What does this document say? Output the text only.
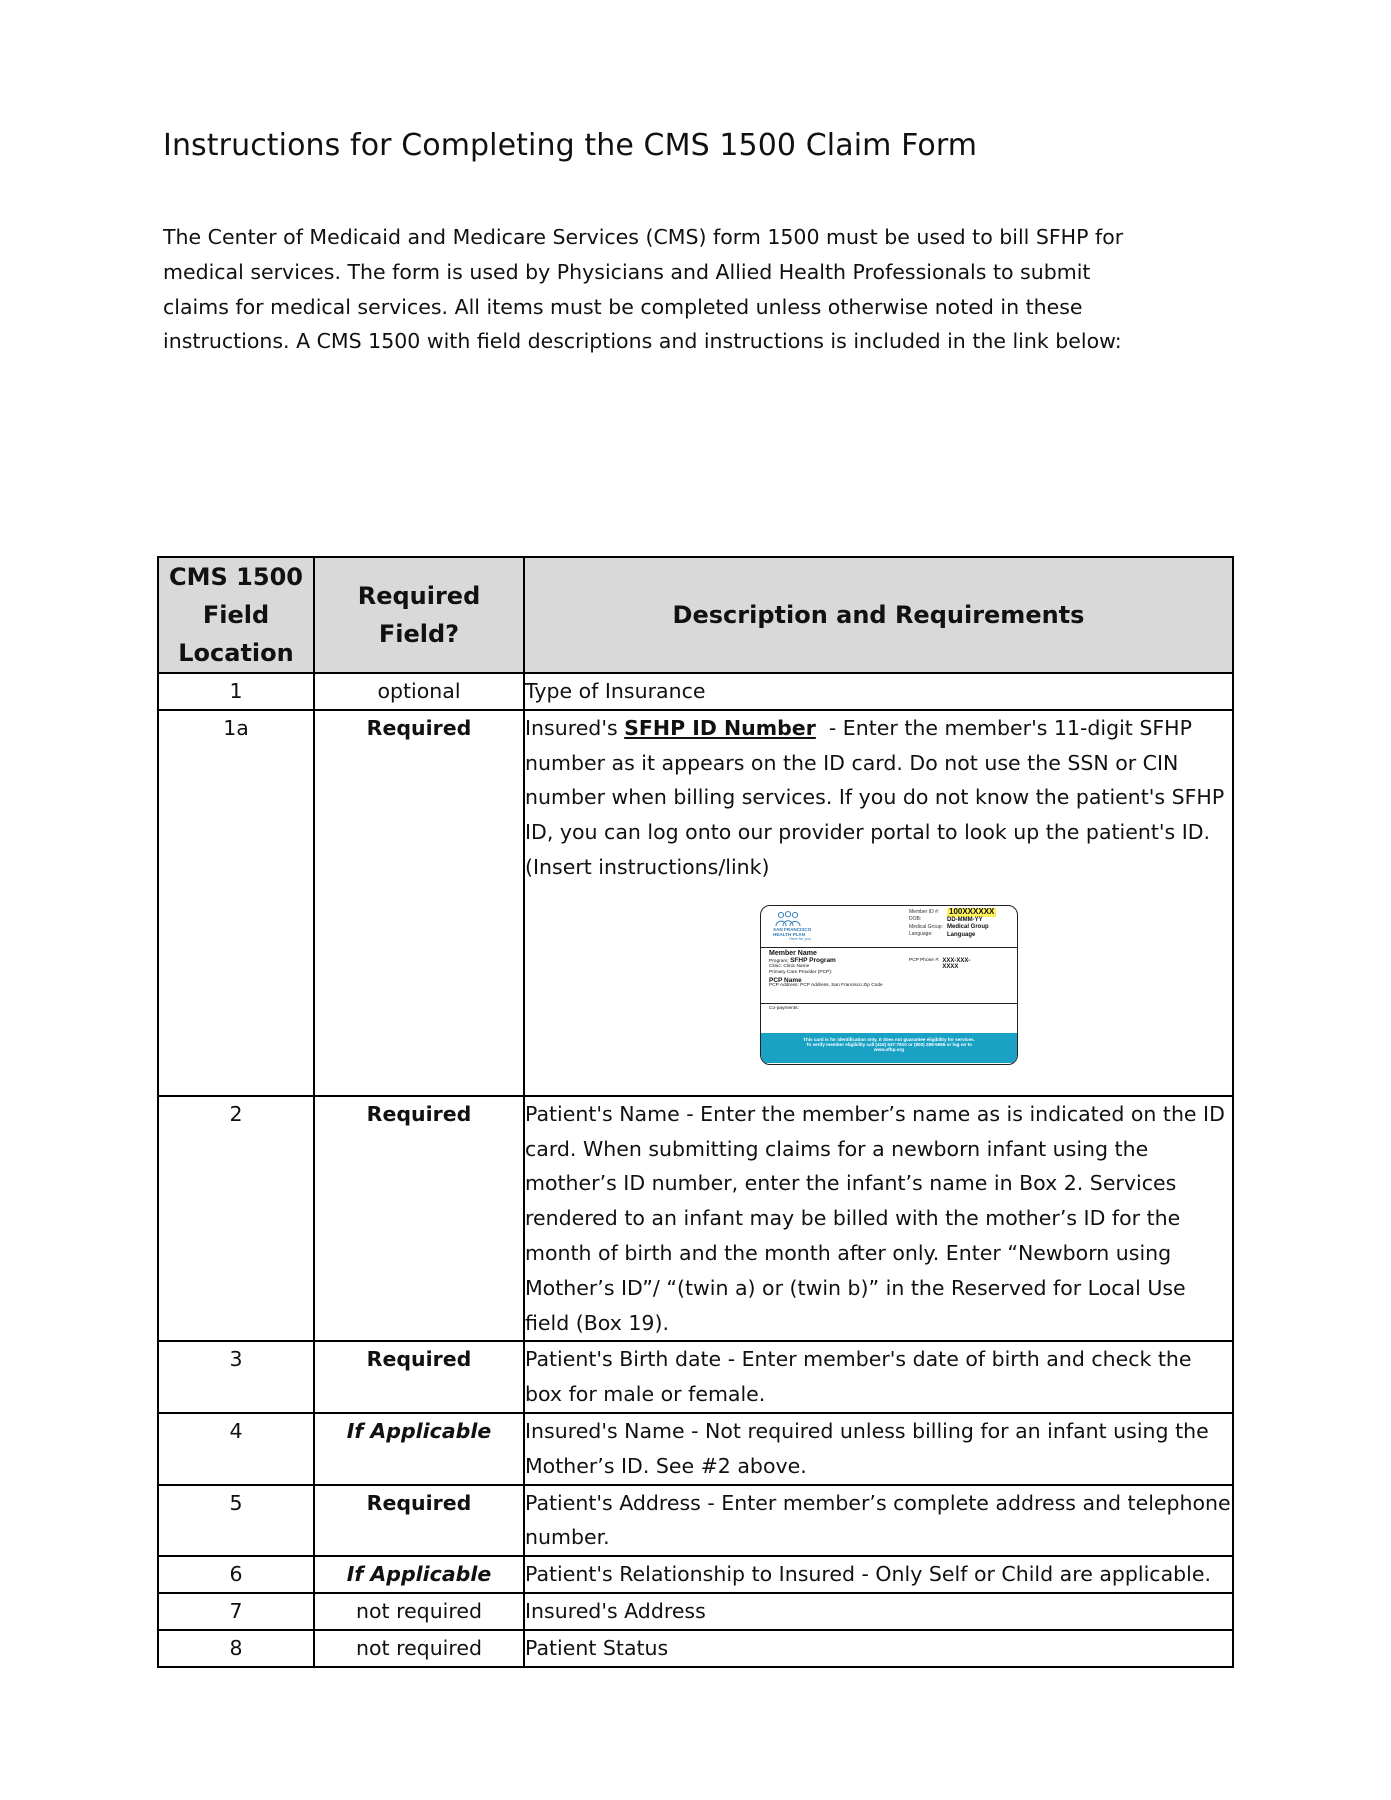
Instructions for Completing the CMS 1500 Claim Form

The Center of Medicaid and Medicare Services (CMS) form 1500 must be used to bill SFHP for
medical services. The form is used by Physicians and Allied Health Professionals to submit
claims for medical services. All items must be completed unless otherwise noted in these
instructions. A CMS 1500 with field descriptions and instructions is included in the link below:

CMS 1500
Field
Location	Required Field?	Description and Requirements
1	optional	Type of Insurance
1a	Required	Insured's SFHP ID Number  - Enter the member's 11-digit SFHP number as it appears on the ID card. Do not use the SSN or CIN number when billing services. If you do not know the patient's SFHP ID, you can log onto our provider portal to look up the patient's ID. (Insert instructions/link)
SAN FRANCISCO
HEALTH PLAN
Here for you
Member ID #:	100XXXXXX
DOB:	DD-MMM-YY
Medical Group: Medical Group
Language:	Language
Member Name
Program: SFHP Program
Clinic: Clinic Name
Primary Care Provider (PCP):
PCP Name
PCP Address: PCP Address, San Francisco Zip Code
PCP Phone #: XXX-XXX-XXXX
Co-payments:
This card is for identification only. It does not guarantee eligibility for services.
To verify member eligibility call (415) 547-7810 or (800) 288-5555 or log on to
www.sfhp.org

2	Required	Patient's Name - Enter the member’s name as is indicated on the ID card. When submitting claims for a newborn infant using the mother’s ID number, enter the infant’s name in Box 2. Services rendered to an infant may be billed with the mother’s ID for the month of birth and the month after only. Enter “Newborn using Mother’s ID”/ “(twin a) or (twin b)” in the Reserved for Local Use field (Box 19).
3	Required	Patient's Birth date - Enter member's date of birth and check the box for male or female.
4	If Applicable	Insured's Name - Not required unless billing for an infant using the Mother’s ID. See #2 above.
5	Required	Patient's Address - Enter member’s complete address and telephone number.
6	If Applicable	Patient's Relationship to Insured - Only Self or Child are applicable.
7	not required	Insured's Address
8	not required	Patient Status
